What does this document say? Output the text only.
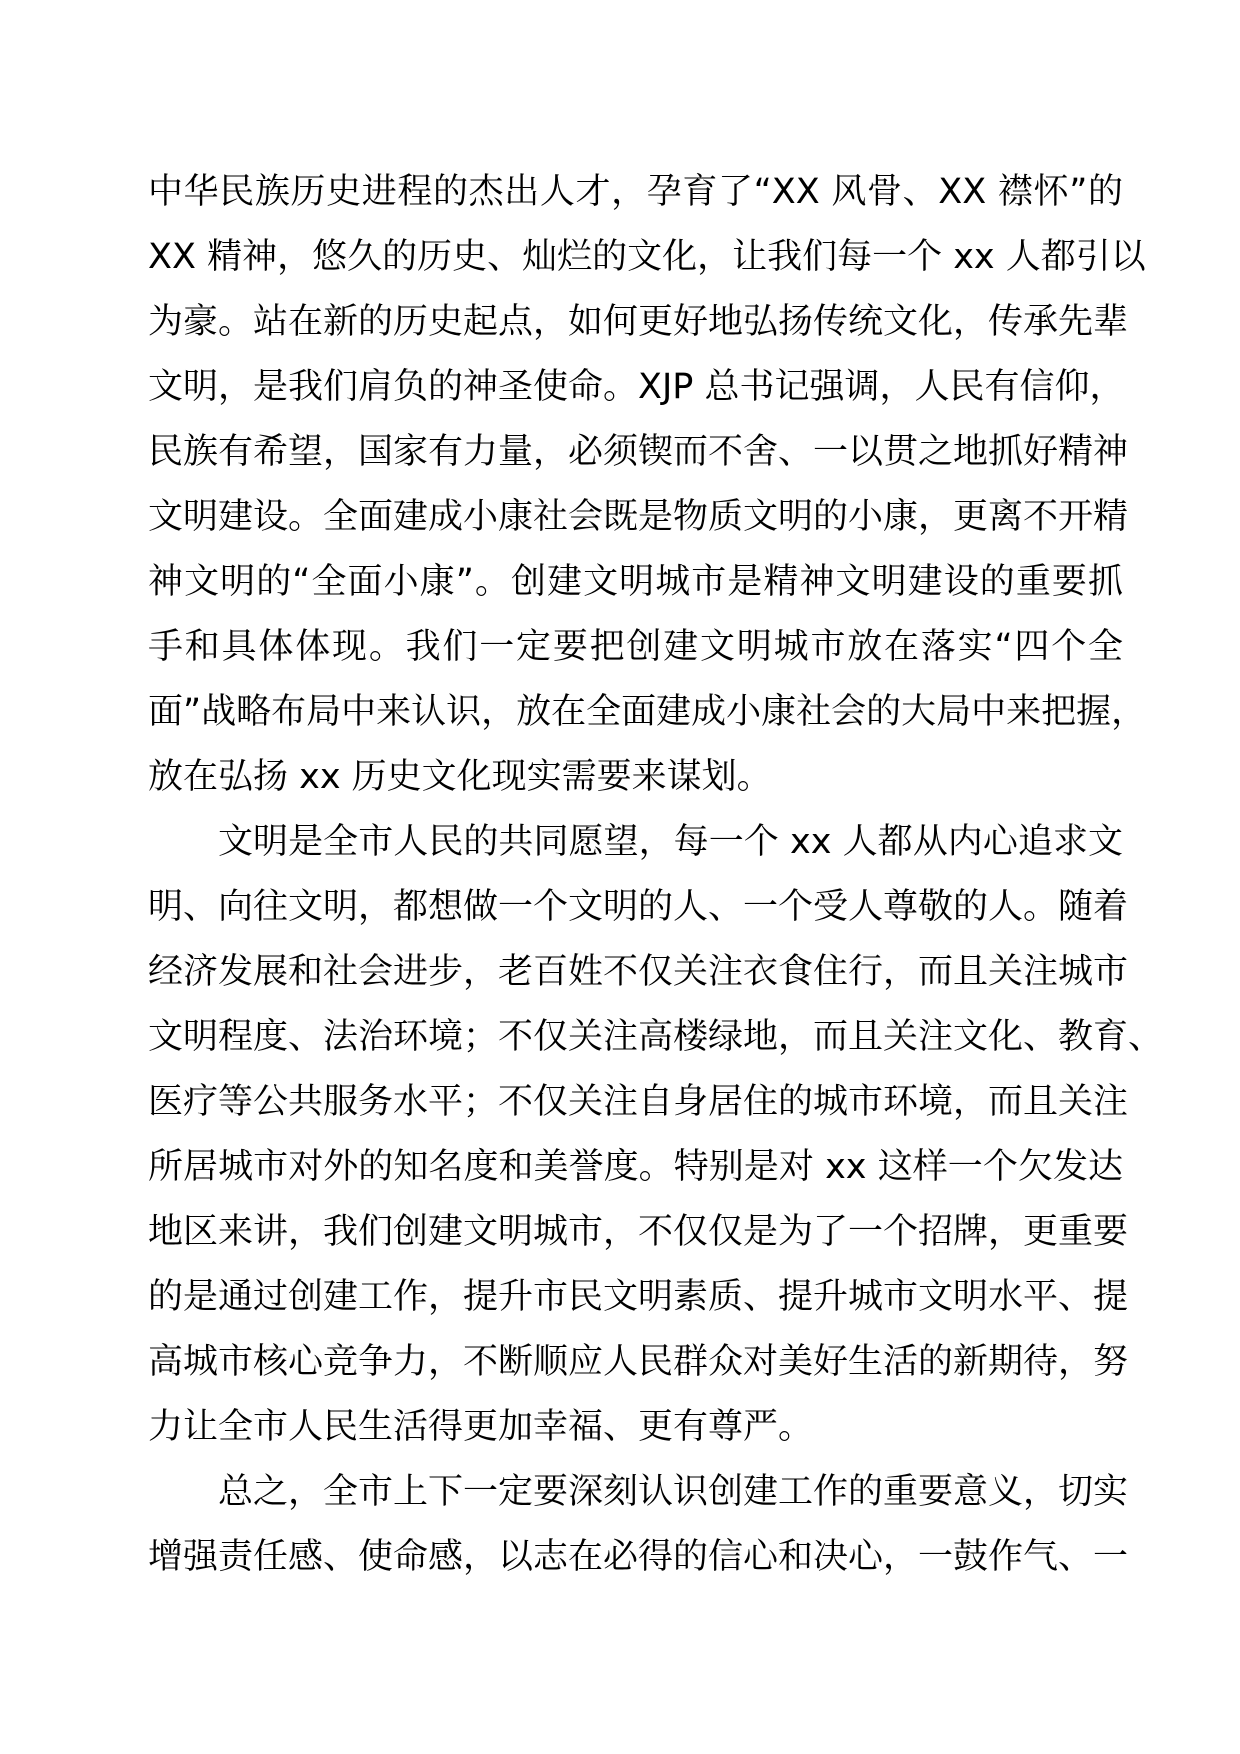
中华民族历史进程的杰出人才，孕育了“XX 风骨、XX 襟怀”的
XX 精神，悠久的历史、灿烂的文化，让我们每一个 xx 人都引以
为豪。站在新的历史起点，如何更好地弘扬传统文化，传承先辈
文明，是我们肩负的神圣使命。XJP 总书记强调，人民有信仰，
民族有希望，国家有力量，必须锲而不舍、一以贯之地抓好精神
文明建设。全面建成小康社会既是物质文明的小康，更离不开精
神文明的“全面小康”。创建文明城市是精神文明建设的重要抓
手和具体体现。我们一定要把创建文明城市放在落实“四个全
面”战略布局中来认识，放在全面建成小康社会的大局中来把握，
放在弘扬 xx 历史文化现实需要来谋划。
文明是全市人民的共同愿望，每一个 xx 人都从内心追求文
明、向往文明，都想做一个文明的人、一个受人尊敬的人。随着
经济发展和社会进步，老百姓不仅关注衣食住行，而且关注城市
文明程度、法治环境；不仅关注高楼绿地，而且关注文化、教育、
医疗等公共服务水平；不仅关注自身居住的城市环境，而且关注
所居城市对外的知名度和美誉度。特别是对 xx 这样一个欠发达
地区来讲，我们创建文明城市，不仅仅是为了一个招牌，更重要
的是通过创建工作，提升市民文明素质、提升城市文明水平、提
高城市核心竞争力，不断顺应人民群众对美好生活的新期待，努
力让全市人民生活得更加幸福、更有尊严。
总之，全市上下一定要深刻认识创建工作的重要意义，切实
增强责任感、使命感，以志在必得的信心和决心，一鼓作气、一
